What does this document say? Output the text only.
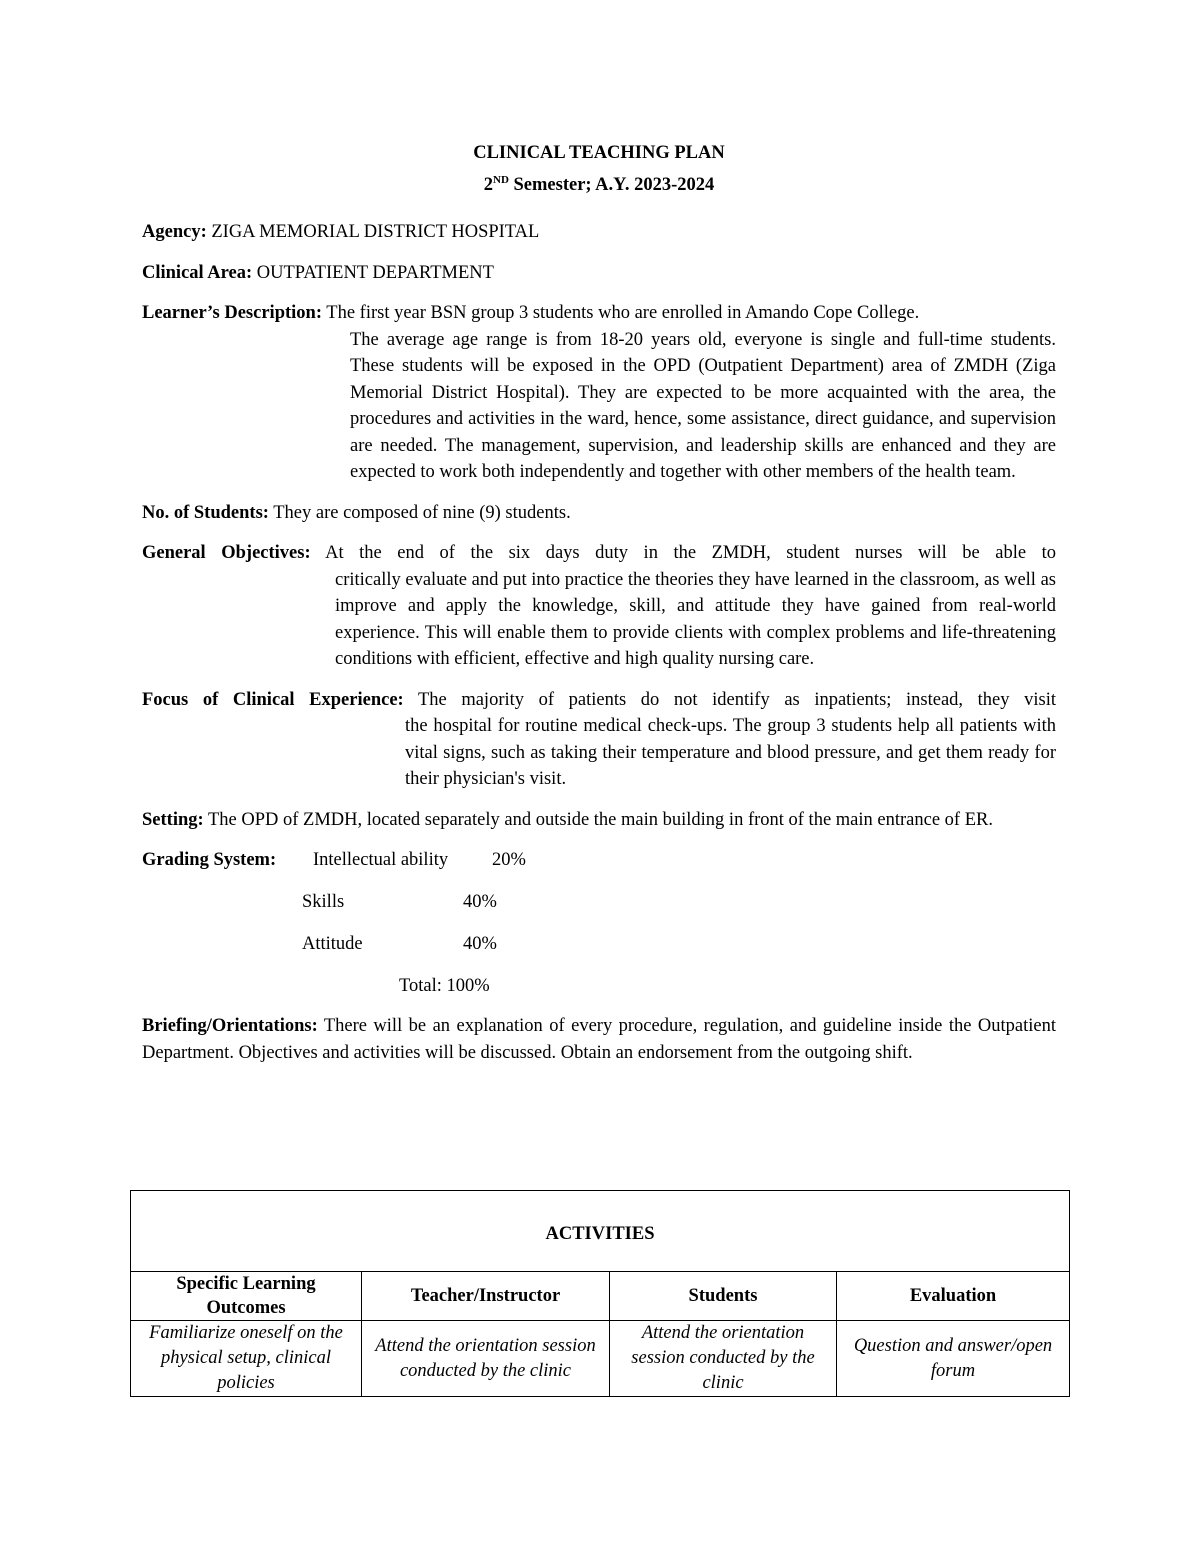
CLINICAL TEACHING PLAN
2ND Semester; A.Y. 2023-2024
Agency: ZIGA MEMORIAL DISTRICT HOSPITAL
Clinical Area: OUTPATIENT DEPARTMENT
Learner’s Description: The first year BSN group 3 students who are enrolled in Amando Cope College.
The average age range is from 18-20 years old, everyone is single and full-time students. These students will be exposed in the OPD (Outpatient Department) area of ZMDH (Ziga Memorial District Hospital). They are expected to be more acquainted with the area, the procedures and activities in the ward, hence, some assistance, direct guidance, and supervision are needed. The management, supervision, and leadership skills are enhanced and they are expected to work both independently and together with other members of the health team.
No. of Students: They are composed of nine (9) students.
General Objectives: At the end of the six days duty in the ZMDH, student nurses will be able to
critically evaluate and put into practice the theories they have learned in the classroom, as well as improve and apply the knowledge, skill, and attitude they have gained from real-world experience. This will enable them to provide clients with complex problems and life-threatening conditions with efficient, effective and high quality nursing care.
Focus of Clinical Experience: The majority of patients do not identify as inpatients; instead, they visit
the hospital for routine medical check-ups. The group 3 students help all patients with vital signs, such as taking their temperature and blood pressure, and get them ready for their physician's visit.
Setting: The OPD of ZMDH, located separately and outside the main building in front of the main entrance of ER.
Grading System: Intellectual ability 20%
Skills	40%
Attitude	40%
Total: 100%
Briefing/Orientations: There will be an explanation of every procedure, regulation, and guideline inside the Outpatient Department. Objectives and activities will be discussed. Obtain an endorsement from the outgoing shift.
ACTIVITIES			
Specific Learning Outcomes	Teacher/Instructor	Students	Evaluation
Familiarize oneself on the physical setup, clinical policies	Attend the orientation session conducted by the clinic	Attend the orientation session conducted by the clinic	Question and answer/open forum
